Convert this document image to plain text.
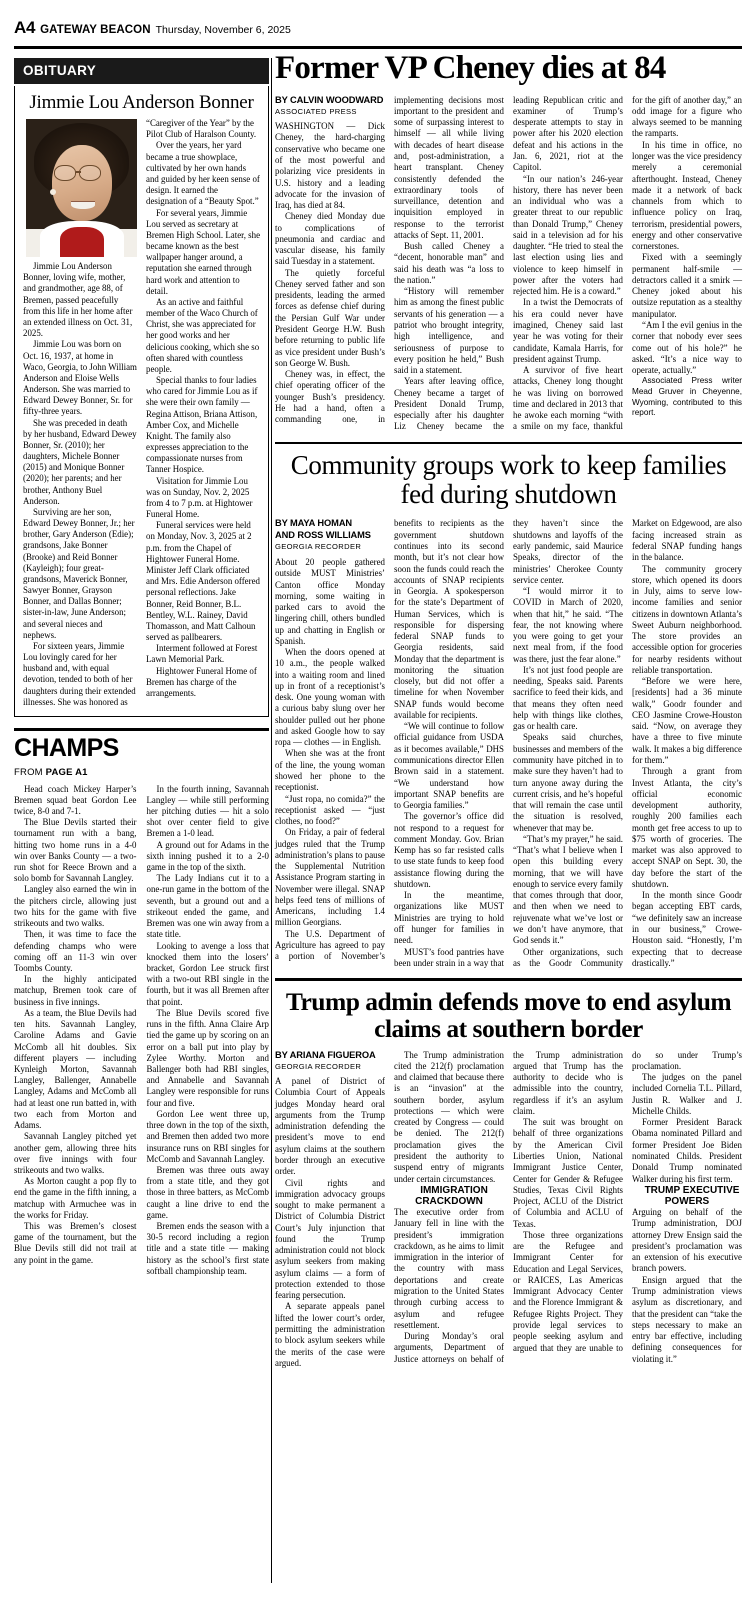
A4 GATEWAY BEACON Thursday, November 6, 2025
OBITUARY
Jimmie Lou Anderson Bonner

Jimmie Lou Anderson Bonner, loving wife, mother, and grandmother, age 88, of Bremen, passed peacefully from this life in her home after an extended illness on Oct. 31, 2025.

Jimmie Lou was born on Oct. 16, 1937, at home in Waco, Georgia, to John William Anderson and Eloise Wells Anderson. She was married to Edward Dewey Bonner, Sr. for fifty-three years.

She was preceded in death by her husband, Edward Dewey Bonner, Sr. (2010); her daughters, Michele Bonner (2015) and Monique Bonner (2020); her parents; and her brother, Anthony Buel Anderson.

Surviving are her son, Edward Dewey Bonner, Jr.; her brother, Gary Anderson (Edie); grandsons, Jake Bonner (Brooke) and Reid Bonner (Kayleigh); four great-grandsons, Maverick Bonner, Sawyer Bonner, Grayson Bonner, and Dallas Bonner; sister-in-law, June Anderson; and several nieces and nephews.

For sixteen years, Jimmie Lou lovingly cared for her husband and, with equal devotion, tended to both of her daughters during their extended illnesses. She was honored as “Caregiver of the Year” by the Pilot Club of Haralson County.

Over the years, her yard became a true showplace, cultivated by her own hands and guided by her keen sense of design. It earned the designation of a “Beauty Spot.”

For several years, Jimmie Lou served as secretary at Bremen High School. Later, she became known as the best wallpaper hanger around, a reputation she earned through hard work and attention to detail.

As an active and faithful member of the Waco Church of Christ, she was appreciated for her good works and her delicious cooking, which she so often shared with countless people.

Special thanks to four ladies who cared for Jimmie Lou as if she were their own family — Regina Attison, Briana Attison, Amber Cox, and Michelle Knight. The family also expresses appreciation to the compassionate nurses from Tanner Hospice.

Visitation for Jimmie Lou was on Sunday, Nov. 2, 2025 from 4 to 7 p.m. at Hightower Funeral Home.

Funeral services were held on Monday, Nov. 3, 2025 at 2 p.m. from the Chapel of Hightower Funeral Home. Minister Jeff Clark officiated and Mrs. Edie Anderson offered personal reflections. Jake Bonner, Reid Bonner, B.L. Bentley, W.L. Rainey, David Thomasson, and Matt Calhoun served as pallbearers.

Interment followed at Forest Lawn Memorial Park.

Hightower Funeral Home of Bremen has charge of the arrangements.

CHAMPS
FROM PAGE A1

Head coach Mickey Harper’s Bremen squad beat Gordon Lee twice, 8-0 and 7-1.

The Blue Devils started their tournament run with a bang, hitting two home runs in a 4-0 win over Banks County — a two-run shot for Reece Brown and a solo bomb for Savannah Langley.

Langley also earned the win in the pitchers circle, allowing just two hits for the game with five strikeouts and two walks.

Then, it was time to face the defending champs who were coming off an 11-3 win over Toombs County.

In the highly anticipated matchup, Bremen took care of business in five innings.

As a team, the Blue Devils had ten hits. Savannah Langley, Caroline Adams and Gavie McComb all hit doubles. Six different players — including Kynleigh Morton, Savannah Langley, Ballenger, Annabelle Langley, Adams and McComb all had at least one run batted in, with two each from Morton and Adams.

Savannah Langley pitched yet another gem, allowing three hits over five innings with four strikeouts and two walks.

As Morton caught a pop fly to end the game in the fifth inning, a matchup with Armuchee was in the works for Friday.

This was Bremen’s closest game of the tournament, but the Blue Devils still did not trail at any point in the game.

In the fourth inning, Savannah Langley — while still performing her pitching duties — hit a solo shot over center field to give Bremen a 1-0 lead.

A ground out for Adams in the sixth inning pushed it to a 2-0 game in the top of the sixth.

The Lady Indians cut it to a one-run game in the bottom of the seventh, but a ground out and a strikeout ended the game, and Bremen was one win away from a state title.

Looking to avenge a loss that knocked them into the losers’ bracket, Gordon Lee struck first with a two-out RBI single in the fourth, but it was all Bremen after that point.

The Blue Devils scored five runs in the fifth. Anna Claire Arp tied the game up by scoring on an error on a ball put into play by Zylee Worthy. Morton and Ballenger both had RBI singles, and Annabelle and Savannah Langley were responsible for runs four and five.

Gordon Lee went three up, three down in the top of the sixth, and Bremen then added two more insurance runs on RBI singles for McComb and Savannah Langley.

Bremen was three outs away from a state title, and they got those in three batters, as McComb caught a line drive to end the game.

Bremen ends the season with a 30-5 record including a region title and a state title — making history as the school’s first state softball championship team.

Former VP Cheney dies at 84
BY CALVIN WOODWARD
ASSOCIATED PRESS

WASHINGTON — Dick Cheney, the hard-charging conservative who became one of the most powerful and polarizing vice presidents in U.S. history and a leading advocate for the invasion of Iraq, has died at 84.

Cheney died Monday due to complications of pneumonia and cardiac and vascular disease, his family said Tuesday in a statement.

The quietly forceful Cheney served father and son presidents, leading the armed forces as defense chief during the Persian Gulf War under President George H.W. Bush before returning to public life as vice president under Bush’s son George W. Bush.

Cheney was, in effect, the chief operating officer of the younger Bush’s presidency. He had a hand, often a commanding one, in implementing decisions most important to the president and some of surpassing interest to himself — all while living with decades of heart disease and, post-administration, a heart transplant. Cheney consistently defended the extraordinary tools of surveillance, detention and inquisition employed in response to the terrorist attacks of Sept. 11, 2001.

Bush called Cheney a “decent, honorable man” and said his death was “a loss to the nation.”

“History will remember him as among the finest public servants of his generation — a patriot who brought integrity, high intelligence, and seriousness of purpose to every position he held,” Bush said in a statement.

Years after leaving office, Cheney became a target of President Donald Trump, especially after his daughter Liz Cheney became the leading Republican critic and examiner of Trump’s desperate attempts to stay in power after his 2020 election defeat and his actions in the Jan. 6, 2021, riot at the Capitol.

“In our nation’s 246-year history, there has never been an individual who was a greater threat to our republic than Donald Trump,” Cheney said in a television ad for his daughter. “He tried to steal the last election using lies and violence to keep himself in power after the voters had rejected him. He is a coward.”

In a twist the Democrats of his era could never have imagined, Cheney said last year he was voting for their candidate, Kamala Harris, for president against Trump.

A survivor of five heart attacks, Cheney long thought he was living on borrowed time and declared in 2013 that he awoke each morning “with a smile on my face, thankful for the gift of another day,” an odd image for a figure who always seemed to be manning the ramparts.

In his time in office, no longer was the vice presidency merely a ceremonial afterthought. Instead, Cheney made it a network of back channels from which to influence policy on Iraq, terrorism, presidential powers, energy and other conservative cornerstones.

Fixed with a seemingly permanent half-smile — detractors called it a smirk — Cheney joked about his outsize reputation as a stealthy manipulator.

“Am I the evil genius in the corner that nobody ever sees come out of his hole?” he asked. “It’s a nice way to operate, actually.”

Associated Press writer Mead Gruver in Cheyenne, Wyoming, contributed to this report.

Community groups work to keep families fed during shutdown
BY MAYA HOMAN
AND ROSS WILLIAMS
GEORGIA RECORDER

About 20 people gathered outside MUST Ministries’ Canton office Monday morning, some waiting in parked cars to avoid the lingering chill, others bundled up and chatting in English or Spanish.

When the doors opened at 10 a.m., the people walked into a waiting room and lined up in front of a receptionist’s desk. One young woman with a curious baby slung over her shoulder pulled out her phone and asked Google how to say ropa — clothes — in English.

When she was at the front of the line, the young woman showed her phone to the receptionist.

“Just ropa, no comida?” the receptionist asked — “just clothes, no food?”

On Friday, a pair of federal judges ruled that the Trump administration’s plans to pause the Supplemental Nutrition Assistance Program starting in November were illegal. SNAP helps feed tens of millions of Americans, including 1.4 million Georgians.

The U.S. Department of Agriculture has agreed to pay a portion of November’s benefits to recipients as the government shutdown continues into its second month, but it’s not clear how soon the funds could reach the accounts of SNAP recipients in Georgia. A spokesperson for the state’s Department of Human Services, which is responsible for dispersing federal SNAP funds to Georgia residents, said Monday that the department is monitoring the situation closely, but did not offer a timeline for when November SNAP funds would become available for recipients.

“We will continue to follow official guidance from USDA as it becomes available,” DHS communications director Ellen Brown said in a statement. “We understand how important SNAP benefits are to Georgia families.”

The governor’s office did not respond to a request for comment Monday. Gov. Brian Kemp has so far resisted calls to use state funds to keep food assistance flowing during the shutdown.

In the meantime, organizations like MUST Ministries are trying to hold off hunger for families in need.

MUST’s food pantries have been under strain in a way that they haven’t since the shutdowns and layoffs of the early pandemic, said Maurice Speaks, director of the ministries’ Cherokee County service center.

“I would mirror it to COVID in March of 2020, when that hit,” he said. “The fear, the not knowing where you were going to get your next meal from, if the food was there, just the fear alone.”

It’s not just food people are needing, Speaks said. Parents sacrifice to feed their kids, and that means they often need help with things like clothes, gas or health care.

Speaks said churches, businesses and members of the community have pitched in to make sure they haven’t had to turn anyone away during the current crisis, and he’s hopeful that will remain the case until the situation is resolved, whenever that may be.

“That’s my prayer,” he said. “That’s what I believe when I open this building every morning, that we will have enough to service every family that comes through that door, and then when we need to rejuvenate what we’ve lost or we don’t have anymore, that God sends it.”

Other organizations, such as the Goodr Community Market on Edgewood, are also facing increased strain as federal SNAP funding hangs in the balance.

The community grocery store, which opened its doors in July, aims to serve low-income families and senior citizens in downtown Atlanta’s Sweet Auburn neighborhood. The store provides an accessible option for groceries for nearby residents without reliable transportation.

“Before we were here, [residents] had a 36 minute walk,” Goodr founder and CEO Jasmine Crowe-Houston said. “Now, on average they have a three to five minute walk. It makes a big difference for them.”

Through a grant from Invest Atlanta, the city’s official economic development authority, roughly 200 families each month get free access to up to $75 worth of groceries. The market was also approved to accept SNAP on Sept. 30, the day before the start of the shutdown.

In the month since Goodr began accepting EBT cards, “we definitely saw an increase in our business,” Crowe-Houston said. “Honestly, I’m expecting that to decrease drastically.”

Trump admin defends move to end asylum claims at southern border
BY ARIANA FIGUEROA
GEORGIA RECORDER

A panel of District of Columbia Court of Appeals judges Monday heard oral arguments from the Trump administration defending the president’s move to end asylum claims at the southern border through an executive order.

Civil rights and immigration advocacy groups sought to make permanent a District of Columbia District Court’s July injunction that found the Trump administration could not block asylum seekers from making asylum claims — a form of protection extended to those fearing persecution.

A separate appeals panel lifted the lower court’s order, permitting the administration to block asylum seekers while the merits of the case were argued.

The Trump administration cited the 212(f) proclamation and claimed that because there is an “invasion” at the southern border, asylum protections — which were created by Congress — could be denied. The 212(f) proclamation gives the president the authority to suspend entry of migrants under certain circumstances.

IMMIGRATION CRACKDOWN

The executive order from January fell in line with the president’s immigration crackdown, as he aims to limit immigration in the interior of the country with mass deportations and create migration to the United States through curbing access to asylum and refugee resettlement.

During Monday’s oral arguments, Department of Justice attorneys on behalf of the Trump administration argued that Trump has the authority to decide who is admissible into the country, regardless if it’s an asylum claim.

The suit was brought on behalf of three organizations by the American Civil Liberties Union, National Immigrant Justice Center, Center for Gender & Refugee Studies, Texas Civil Rights Project, ACLU of the District of Columbia and ACLU of Texas.

Those three organizations are the Refugee and Immigrant Center for Education and Legal Services, or RAICES, Las Americas Immigrant Advocacy Center and the Florence Immigrant & Refugee Rights Project. They provide legal services to people seeking asylum and argued that they are unable to do so under Trump’s proclamation.

The judges on the panel included Cornelia T.L. Pillard, Justin R. Walker and J. Michelle Childs.

Former President Barack Obama nominated Pillard and former President Joe Biden nominated Childs. President Donald Trump nominated Walker during his first term.

TRUMP EXECUTIVE POWERS

Arguing on behalf of the Trump administration, DOJ attorney Drew Ensign said the president’s proclamation was an extension of his executive branch powers.

Ensign argued that the Trump administration views asylum as discretionary, and that the president can “take the steps necessary to make an entry bar effective, including defining consequences for violating it.”
